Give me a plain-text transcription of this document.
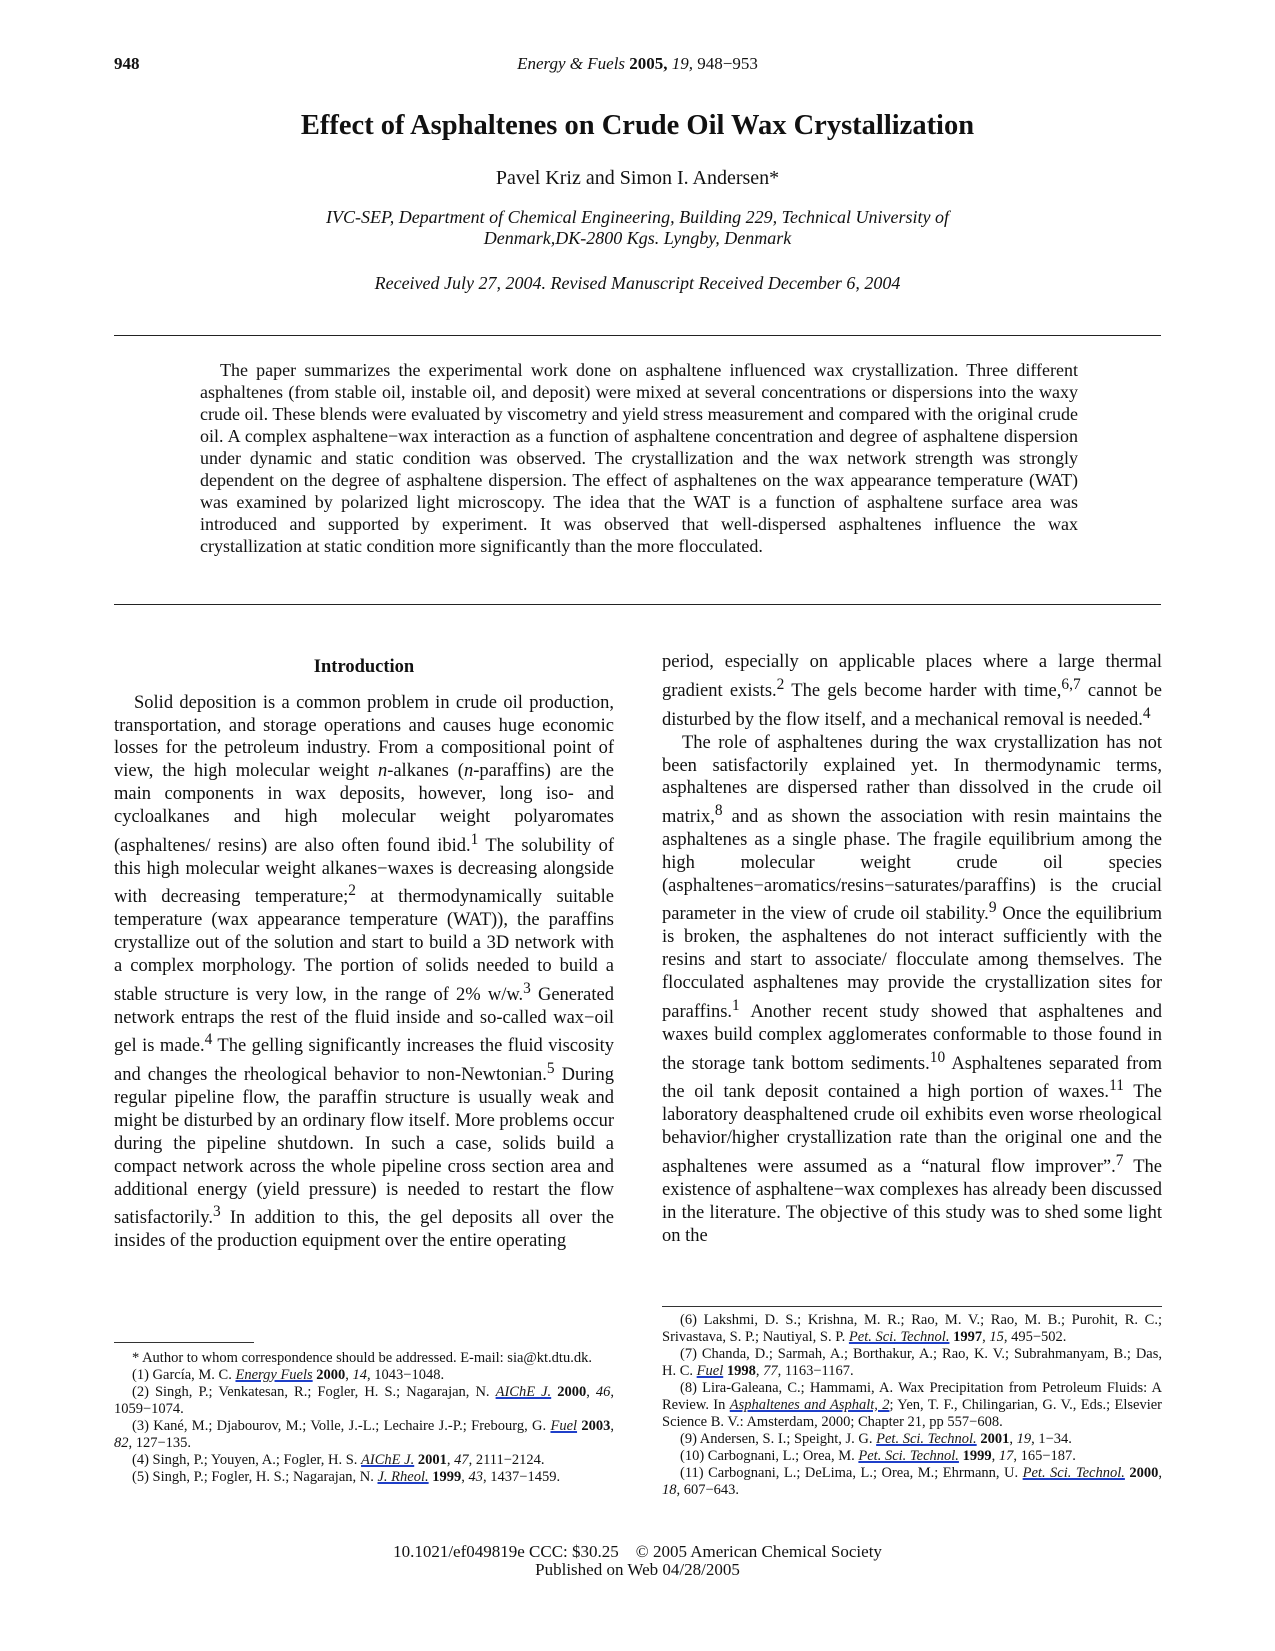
948	Energy & Fuels 2005, 19, 948−953
Effect of Asphaltenes on Crude Oil Wax Crystallization
Pavel Kriz and Simon I. Andersen*
IVC-SEP, Department of Chemical Engineering, Building 229, Technical University of
Denmark,DK-2800 Kgs. Lyngby, Denmark
Received July 27, 2004. Revised Manuscript Received December 6, 2004

The paper summarizes the experimental work done on asphaltene influenced wax crystallization. Three different asphaltenes (from stable oil, instable oil, and deposit) were mixed at several concentrations or dispersions into the waxy crude oil. These blends were evaluated by viscometry and yield stress measurement and compared with the original crude oil. A complex asphaltene−wax interaction as a function of asphaltene concentration and degree of asphaltene dispersion under dynamic and static condition was observed. The crystallization and the wax network strength was strongly dependent on the degree of asphaltene dispersion. The effect of asphaltenes on the wax appearance temperature (WAT) was examined by polarized light microscopy. The idea that the WAT is a function of asphaltene surface area was introduced and supported by experiment. It was observed that well-dispersed asphaltenes influence the wax crystallization at static condition more significantly than the more flocculated.

Introduction

Solid deposition is a common problem in crude oil production, transportation, and storage operations and causes huge economic losses for the petroleum industry. From a compositional point of view, the high molecular weight n-alkanes (n-paraffins) are the main components in wax deposits, however, long iso- and cycloalkanes and high molecular weight polyaromates (asphaltenes/ resins) are also often found ibid.$^1$ The solubility of this high molecular weight alkanes−waxes is decreasing alongside with decreasing temperature;$^2$ at thermodynamically suitable temperature (wax appearance temperature (WAT)), the paraffins crystallize out of the solution and start to build a 3D network with a complex morphology. The portion of solids needed to build a stable structure is very low, in the range of 2% w/w.$^3$ Generated network entraps the rest of the fluid inside and so-called wax−oil gel is made.$^4$ The gelling significantly increases the fluid viscosity and changes the rheological behavior to non-Newtonian.$^5$ During regular pipeline flow, the paraffin structure is usually weak and might be disturbed by an ordinary flow itself. More problems occur during the pipeline shutdown. In such a case, solids build a compact network across the whole pipeline cross section area and additional energy (yield pressure) is needed to restart the flow satisfactorily.$^3$ In addition to this, the gel deposits all over the insides of the production equipment over the entire operating

period, especially on applicable places where a large thermal gradient exists.$^2$ The gels become harder with time,$^{6,7}$ cannot be disturbed by the flow itself, and a mechanical removal is needed.$^4$

The role of asphaltenes during the wax crystallization has not been satisfactorily explained yet. In thermodynamic terms, asphaltenes are dispersed rather than dissolved in the crude oil matrix,$^8$ and as shown the association with resin maintains the asphaltenes as a single phase. The fragile equilibrium among the high molecular weight crude oil species (asphaltenes−aromatics/resins−saturates/paraffins) is the crucial parameter in the view of crude oil stability.$^9$ Once the equilibrium is broken, the asphaltenes do not interact sufficiently with the resins and start to associate/ flocculate among themselves. The flocculated asphaltenes may provide the crystallization sites for paraffins.$^1$ Another recent study showed that asphaltenes and waxes build complex agglomerates conformable to those found in the storage tank bottom sediments.$^{10}$ Asphaltenes separated from the oil tank deposit contained a high portion of waxes.$^{11}$ The laboratory deasphaltened crude oil exhibits even worse rheological behavior/higher crystallization rate than the original one and the asphaltenes were assumed as a “natural flow improver”.$^7$ The existence of asphaltene−wax complexes has already been discussed in the literature. The objective of this study was to shed some light on the

* Author to whom correspondence should be addressed. E-mail: sia@kt.dtu.dk.
(1) García, M. C. Energy Fuels 2000, 14, 1043−1048.
(2) Singh, P.; Venkatesan, R.; Fogler, H. S.; Nagarajan, N. AIChE J. 2000, 46, 1059−1074.
(3) Kané, M.; Djabourov, M.; Volle, J.-L.; Lechaire J.-P.; Frebourg, G. Fuel 2003, 82, 127−135.
(4) Singh, P.; Youyen, A.; Fogler, H. S. AIChE J. 2001, 47, 2111−2124.
(5) Singh, P.; Fogler, H. S.; Nagarajan, N. J. Rheol. 1999, 43, 1437−1459.
(6) Lakshmi, D. S.; Krishna, M. R.; Rao, M. V.; Rao, M. B.; Purohit, R. C.; Srivastava, S. P.; Nautiyal, S. P. Pet. Sci. Technol. 1997, 15, 495−502.
(7) Chanda, D.; Sarmah, A.; Borthakur, A.; Rao, K. V.; Subrahmanyam, B.; Das, H. C. Fuel 1998, 77, 1163−1167.
(8) Lira-Galeana, C.; Hammami, A. Wax Precipitation from Petroleum Fluids: A Review. In Asphaltenes and Asphalt, 2; Yen, T. F., Chilingarian, G. V., Eds.; Elsevier Science B. V.: Amsterdam, 2000; Chapter 21, pp 557−608.
(9) Andersen, S. I.; Speight, J. G. Pet. Sci. Technol. 2001, 19, 1−34.
(10) Carbognani, L.; Orea, M. Pet. Sci. Technol. 1999, 17, 165−187.
(11) Carbognani, L.; DeLima, L.; Orea, M.; Ehrmann, U. Pet. Sci. Technol. 2000, 18, 607−643.
10.1021/ef049819e CCC: $30.25 © 2005 American Chemical Society
Published on Web 04/28/2005
